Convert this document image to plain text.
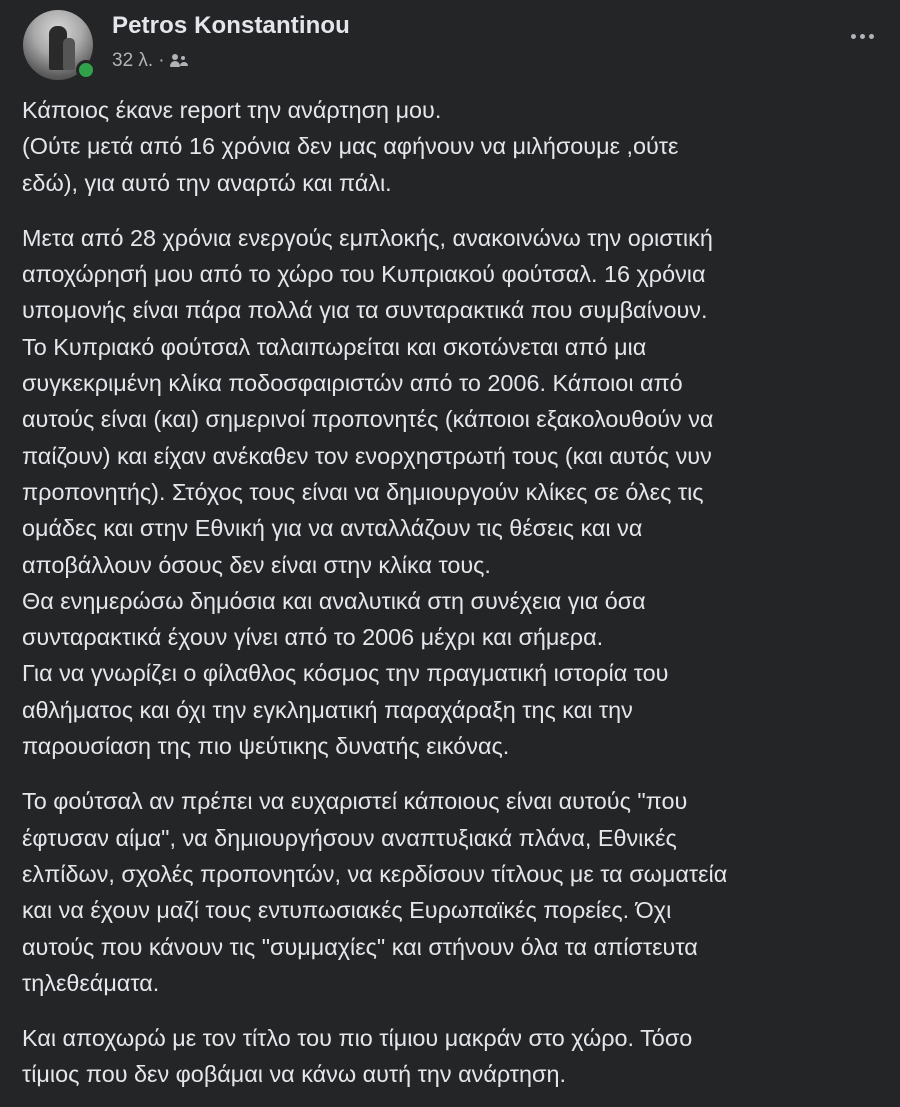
Petros Konstantinou
32 λ. ·
Κάποιος έκανε report την ανάρτηση μου.
(Ούτε μετά από 16 χρόνια δεν μας αφήνουν να μιλήσουμε ,ούτε
εδώ), για αυτό την αναρτώ και πάλι.
Μετα από 28 χρόνια ενεργούς εμπλοκής, ανακοινώνω την οριστική
αποχώρησή μου από το χώρο του Κυπριακού φούτσαλ. 16 χρόνια
υπομονής είναι πάρα πολλά για τα συνταρακτικά που συμβαίνουν.
Το Κυπριακό φούτσαλ ταλαιπωρείται και σκοτώνεται από μια
συγκεκριμένη κλίκα ποδοσφαιριστών από το 2006. Κάποιοι από
αυτούς είναι (και) σημερινοί προπονητές (κάποιοι εξακολουθούν να
παίζουν) και είχαν ανέκαθεν τον ενορχηστρωτή τους (και αυτός νυν
προπονητής). Στόχος τους είναι να δημιουργούν κλίκες σε όλες τις
ομάδες και στην Εθνική για να ανταλλάζουν τις θέσεις και να
αποβάλλουν όσους δεν είναι στην κλίκα τους.
Θα ενημερώσω δημόσια και αναλυτικά στη συνέχεια για όσα
συνταρακτικά έχουν γίνει από το 2006 μέχρι και σήμερα.
Για να γνωρίζει ο φίλαθλος κόσμος την πραγματική ιστορία του
αθλήματος και όχι την εγκληματική παραχάραξη της και την
παρουσίαση της πιο ψεύτικης δυνατής εικόνας.
Το φούτσαλ αν πρέπει να ευχαριστεί κάποιους είναι αυτούς "που
έφτυσαν αίμα", να δημιουργήσουν αναπτυξιακά πλάνα, Εθνικές
ελπίδων, σχολές προπονητών, να κερδίσουν τίτλους με τα σωματεία
και να έχουν μαζί τους εντυπωσιακές Ευρωπαϊκές πορείες. Όχι
αυτούς που κάνουν τις "συμμαχίες" και στήνουν όλα τα απίστευτα
τηλεθεάματα.
Και αποχωρώ με τον τίτλο του πιο τίμιου μακράν στο χώρο. Τόσο
τίμιος που δεν φοβάμαι να κάνω αυτή την ανάρτηση.
